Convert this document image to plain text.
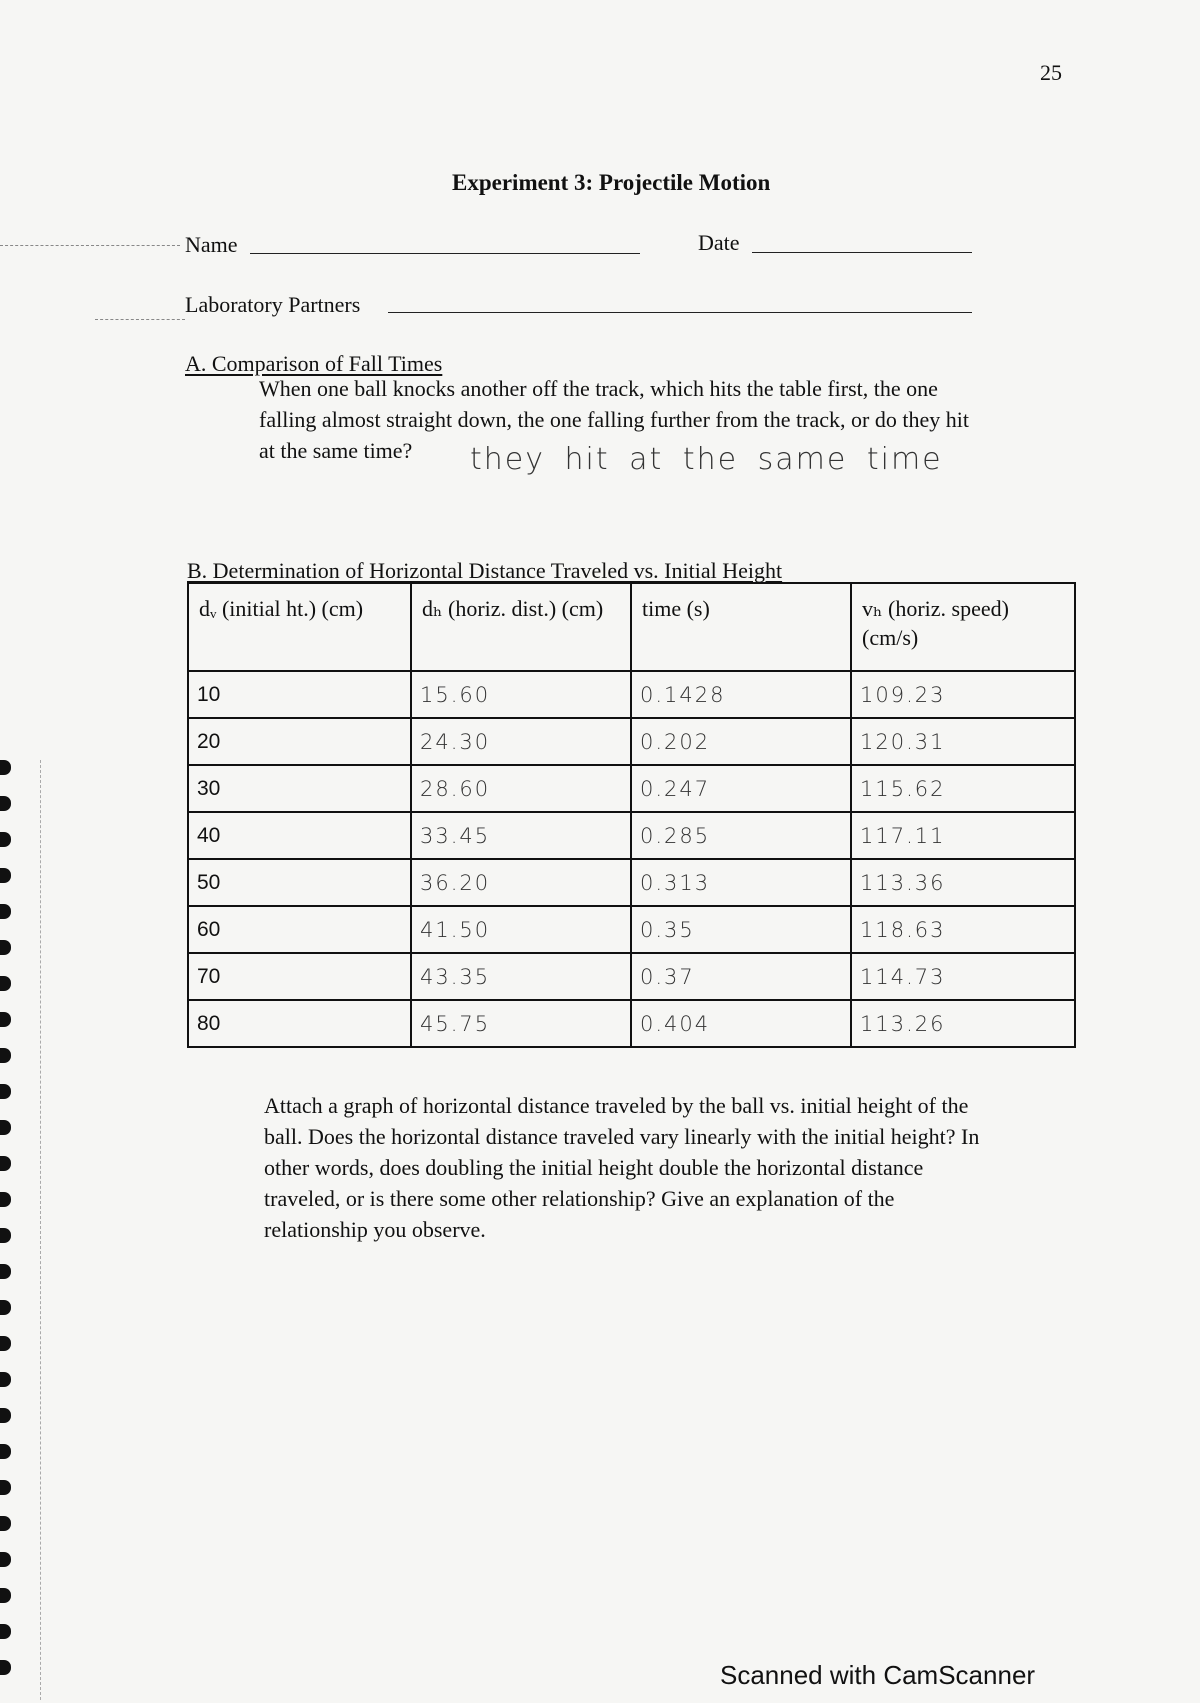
25
Experiment 3: Projectile Motion
Name	Date
Laboratory Partners
A. Comparison of Fall Times
When one ball knocks another off the track, which hits the table first, the one
falling almost straight down, the one falling further from the track, or do they hit
at the same time?	they hit at the same time
B. Determination of Horizontal Distance Traveled vs. Initial Height
dᵥ (initial ht.) (cm)	dₕ (horiz. dist.) (cm)	time (s)	vₕ (horiz. speed) (cm/s)
10	15.60	0.1428	109.23
20	24.30	0.202	120.31
30	28.60	0.247	115.62
40	33.45	0.285	117.11
50	36.20	0.313	113.36
60	41.50	0.35	118.63
70	43.35	0.37	114.73
80	45.75	0.404	113.26
Attach a graph of horizontal distance traveled by the ball vs. initial height of the
ball. Does the horizontal distance traveled vary linearly with the initial height? In
other words, does doubling the initial height double the horizontal distance
traveled, or is there some other relationship? Give an explanation of the
relationship you observe.
Scanned with CamScanner
